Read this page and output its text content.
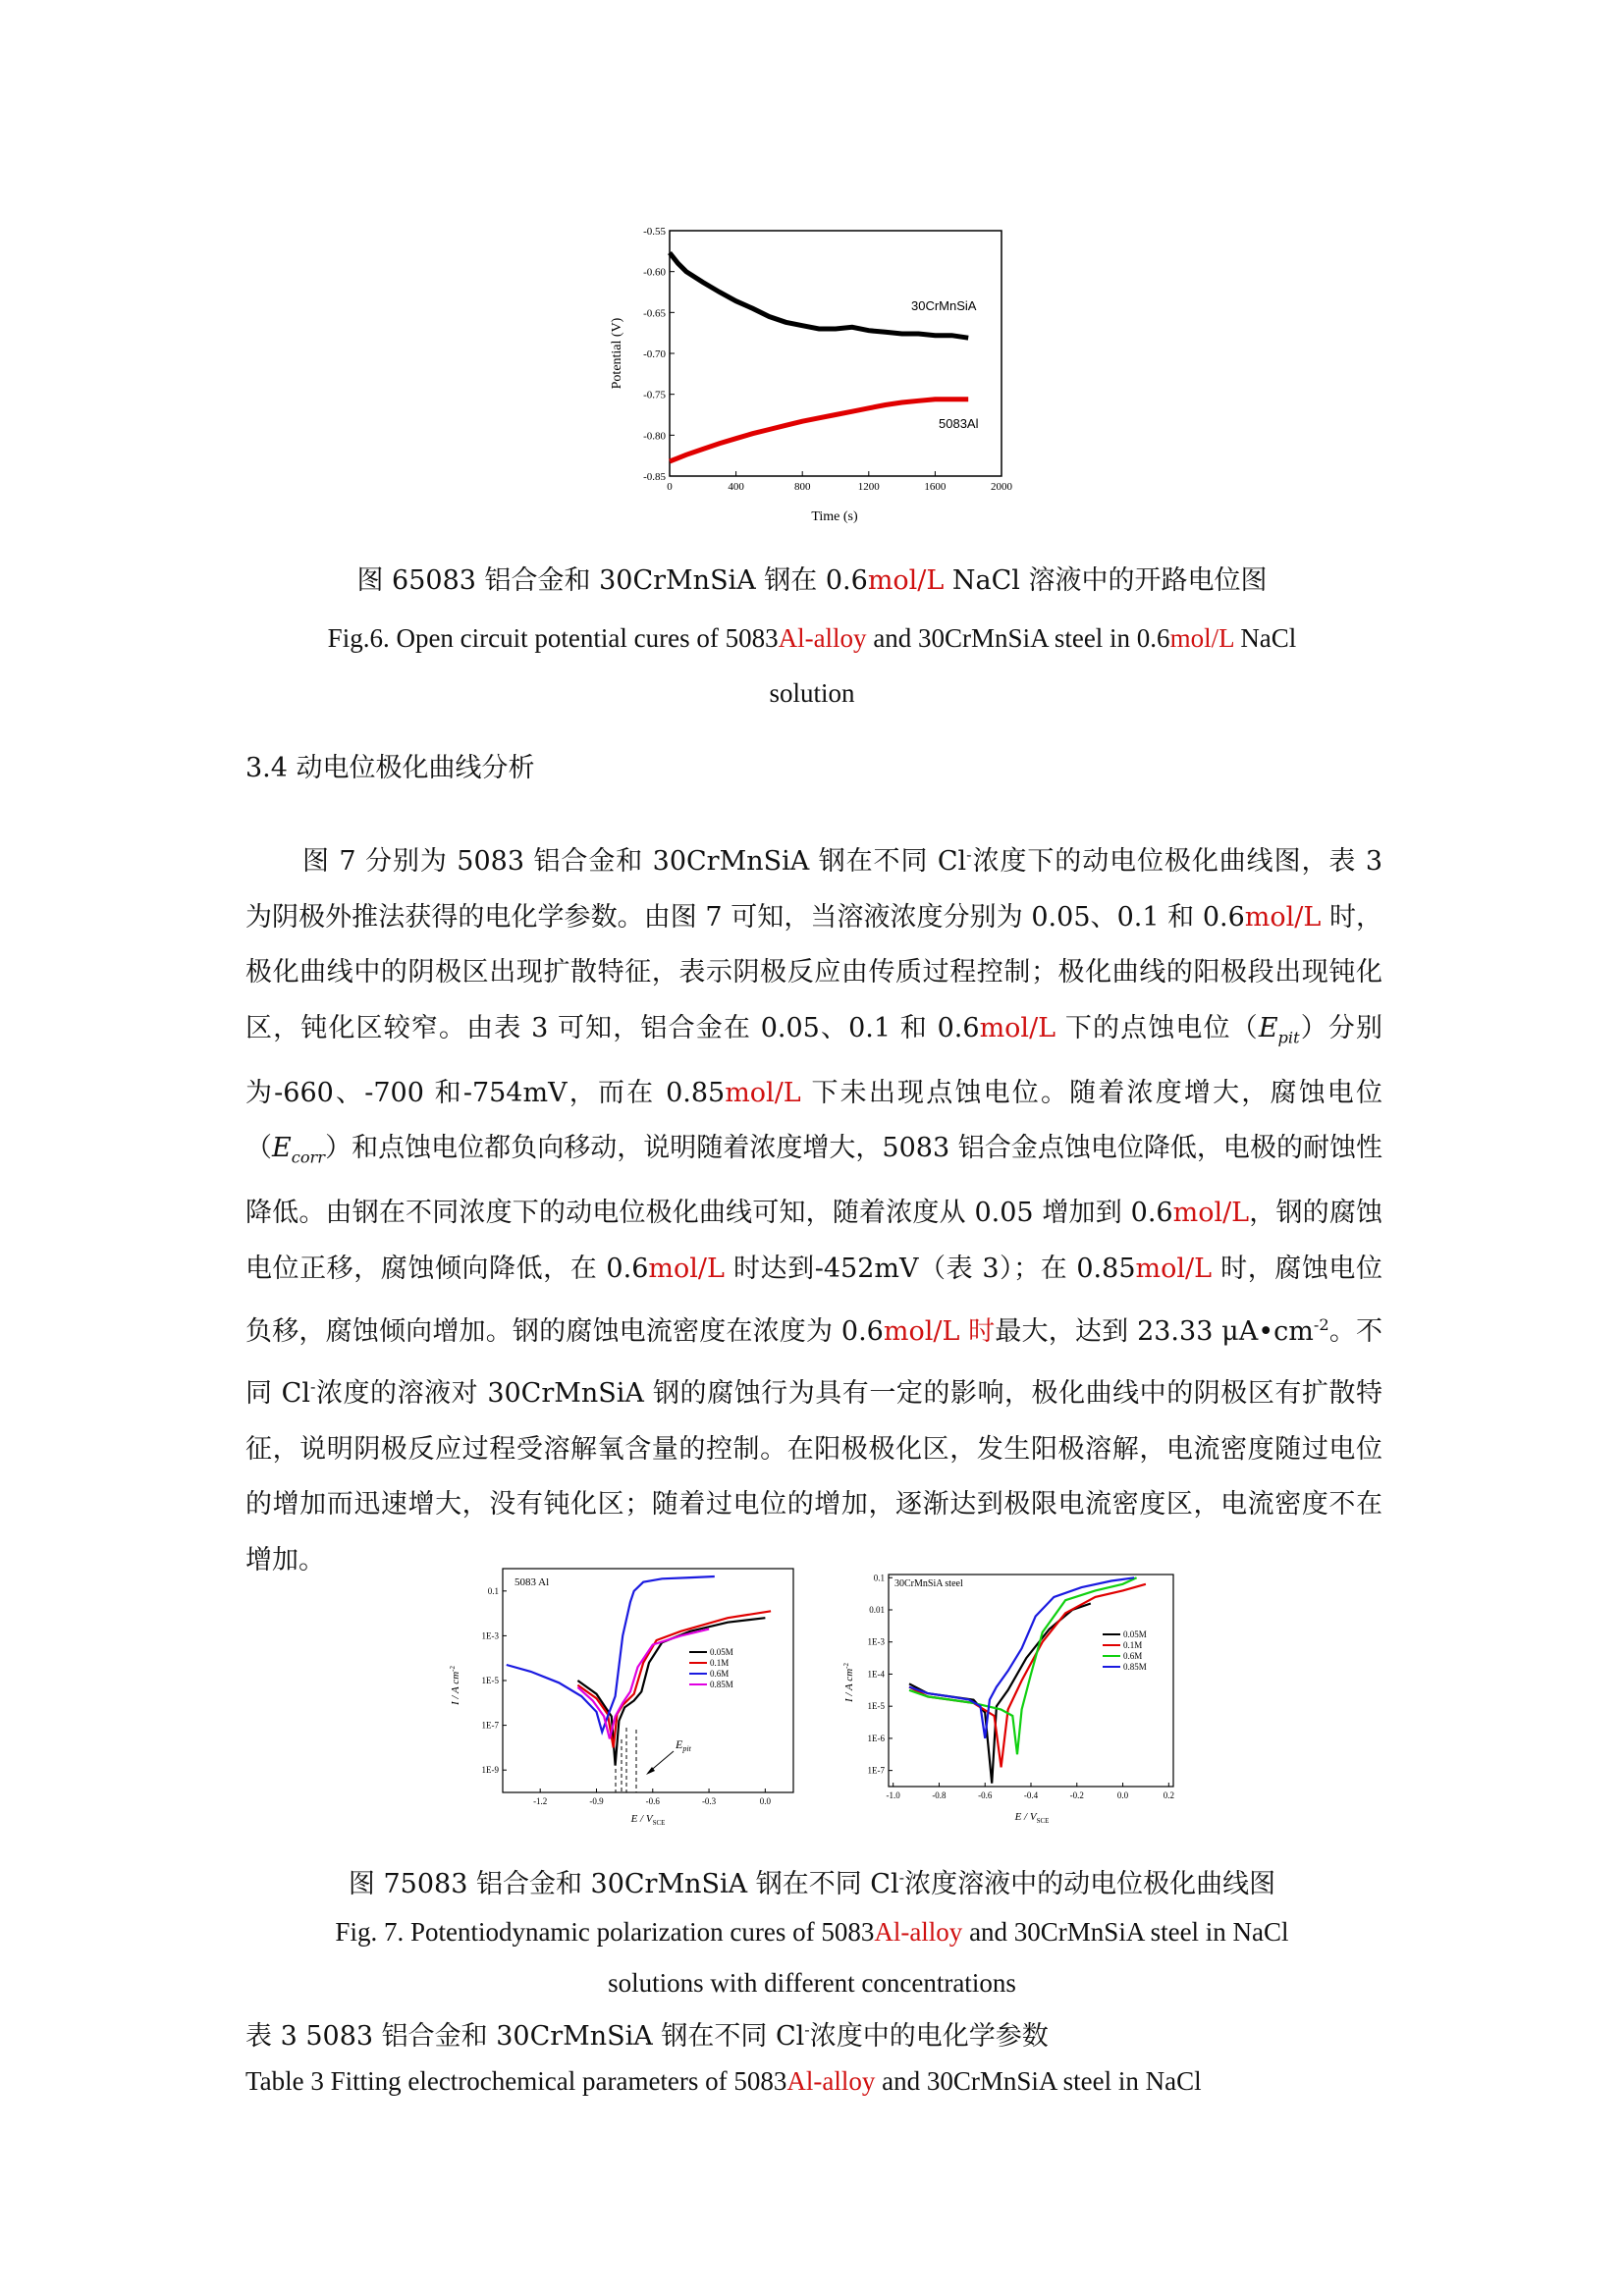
-0.55
-0.60
-0.65
-0.70
-0.75
-0.80
-0.85
0	400	800	1200	1600	2000
30CrMnSiA
5083Al
Time (s)
Potential (V)
图 65083 铝合金和 30CrMnSiA 钢在 0.6mol/L NaCl 溶液中的开路电位图
Fig.6. Open circuit potential cures of 5083Al-alloy and 30CrMnSiA steel in 0.6mol/L NaCl
solution
3.4 动电位极化曲线分析

图 7 分别为 5083 铝合金和 30CrMnSiA 钢在不同 Cl-浓度下的动电位极化曲线图，表 3 为阴极外推法获得的电化学参数。由图 7 可知，当溶液浓度分别为 0.05、0.1 和 0.6mol/L 时，极化曲线中的阴极区出现扩散特征，表示阴极反应由传质过程控制；极化曲线的阳极段出现钝化区，钝化区较窄。由表 3 可知，铝合金在 0.05、0.1 和 0.6mol/L 下的点蚀电位$(E_{pit})$分别为-660、-700 和-754mV，而在 0.85mol/L 下未出现点蚀电位。随着浓度增大，腐蚀电位$(E_{corr})$和点蚀电位都负向移动，说明随着浓度增大，5083 铝合金点蚀电位降低，电极的耐蚀性降低。由钢在不同浓度下的动电位极化曲线可知，随着浓度从 0.05 增加到 0.6mol/L，钢的腐蚀电位正移，腐蚀倾向降低，在 0.6mol/L 时达到-452mV（表 3）；在 0.85mol/L 时，腐蚀电位负移，腐蚀倾向增加。钢的腐蚀电流密度在浓度为 0.6mol/L 时最大，达到 23.33 $\mu A•cm^{-2}$。不同 Cl-浓度的溶液对 30CrMnSiA 钢的腐蚀行为具有一定的影响，极化曲线中的阴极区有扩散特征，说明阴极反应过程受溶解氧含量的控制。在阳极极化区，发生阳极溶解，电流密度随过电位的增加而迅速增大，没有钝化区；随着过电位的增加，逐渐达到极限电流密度区，电流密度不在增加。

5083 Al
0.1
1E-3
1E-5
1E-7
1E-9
-1.2	-0.9	-0.6	-0.3	0.0
0.05M
0.1M
0.6M
0.85M
$E_{pit}$
E / $V_{SCE}$
I / A $cm^{-2}$
30CrMnSiA steel
0.1
0.01
1E-3
1E-4
1E-5
1E-6
1E-7
-1.0	-0.8	-0.6	-0.4	-0.2	0.0	0.2
0.05M
0.1M
0.6M
0.85M
E / $V_{SCE}$
I / A $cm^{-2}$
图 75083 铝合金和 30CrMnSiA 钢在不同 Cl-浓度溶液中的动电位极化曲线图
Fig. 7. Potentiodynamic polarization cures of 5083Al-alloy and 30CrMnSiA steel in NaCl
solutions with different concentrations
表 3 5083 铝合金和 30CrMnSiA 钢在不同 Cl-浓度中的电化学参数
Table 3 Fitting electrochemical parameters of 5083Al-alloy and 30CrMnSiA steel in NaCl
